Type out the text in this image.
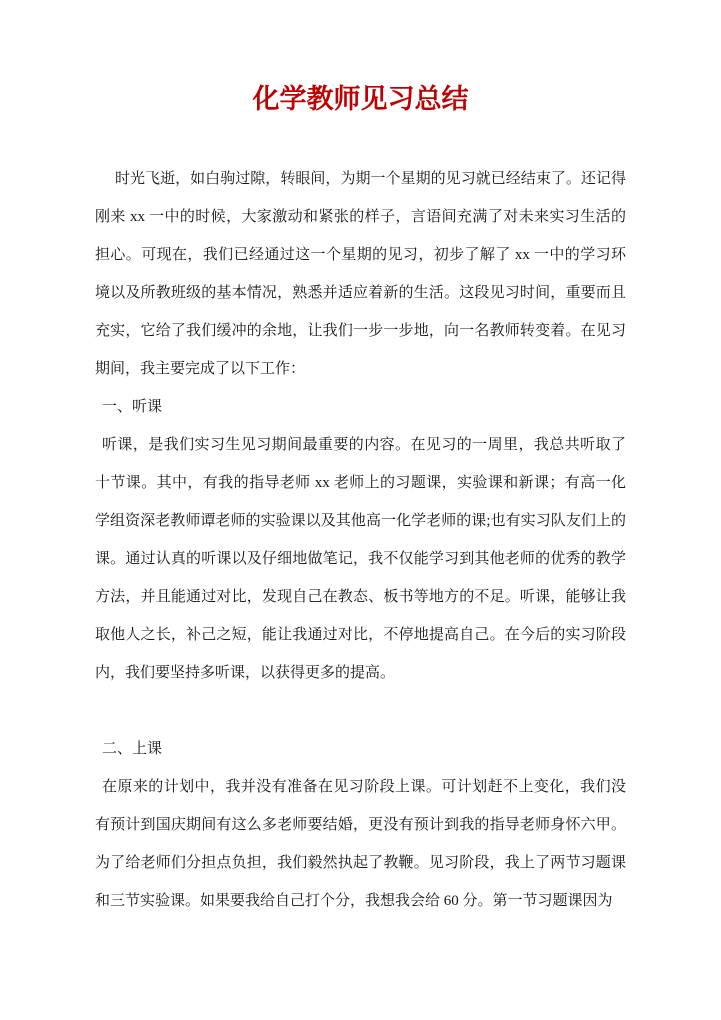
化学教师见习总结

时光飞逝，如白驹过隙，转眼间，为期一个星期的见习就已经结束了。还记得刚来 xx 一中的时候，大家激动和紧张的样子，言语间充满了对未来实习生活的担心。可现在，我们已经通过这一个星期的见习，初步了解了 xx 一中的学习环境以及所教班级的基本情况，熟悉并适应着新的生活。这段见习时间，重要而且充实，它给了我们缓冲的余地，让我们一步一步地，向一名教师转变着。在见习期间，我主要完成了以下工作：

一、听课

听课，是我们实习生见习期间最重要的内容。在见习的一周里，我总共听取了十节课。其中，有我的指导老师 xx 老师上的习题课，实验课和新课；有高一化学组资深老教师谭老师的实验课以及其他高一化学老师的课;也有实习队友们上的课。通过认真的听课以及仔细地做笔记，我不仅能学习到其他老师的优秀的教学方法，并且能通过对比，发现自己在教态、板书等地方的不足。听课，能够让我取他人之长，补己之短，能让我通过对比，不停地提高自己。在今后的实习阶段内，我们要坚持多听课，以获得更多的提高。

二、上课

在原来的计划中，我并没有准备在见习阶段上课。可计划赶不上变化，我们没有预计到国庆期间有这么多老师要结婚，更没有预计到我的指导老师身怀六甲。为了给老师们分担点负担，我们毅然执起了教鞭。见习阶段，我上了两节习题课和三节实验课。如果要我给自己打个分，我想我会给 60 分。第一节习题课因为
